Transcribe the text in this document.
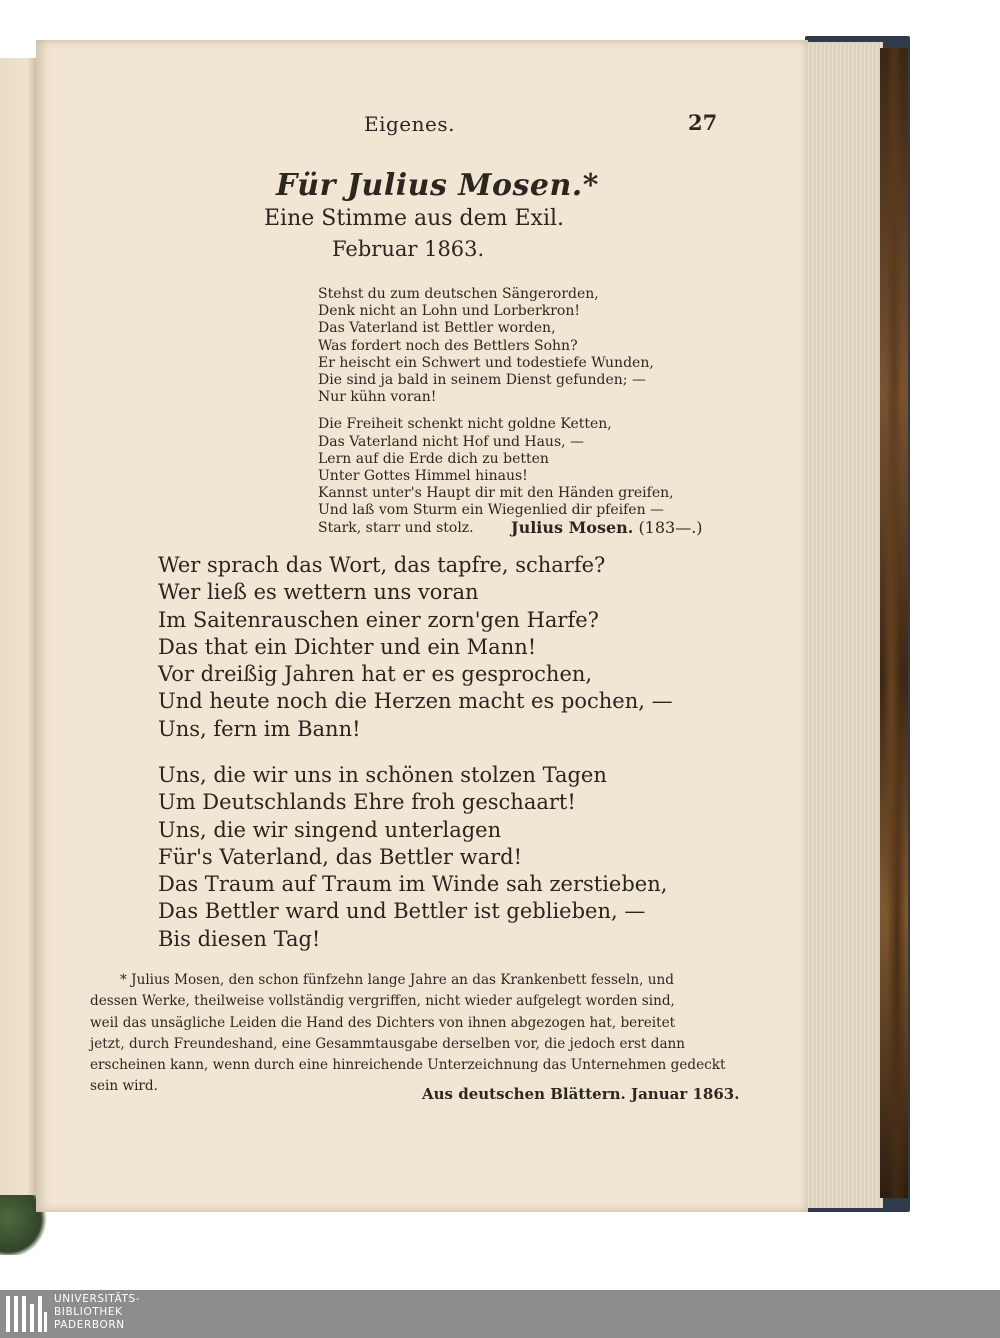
Eigenes.	27
Für Julius Mosen.*
Eine Stimme aus dem Exil.
Februar 1863.
Stehst du zum deutschen Sängerorden,
Denk nicht an Lohn und Lorberkron!
Das Vaterland ist Bettler worden,
Was fordert noch des Bettlers Sohn?
Er heischt ein Schwert und todestiefe Wunden,
Die sind ja bald in seinem Dienst gefunden; —
Nur kühn voran!
Die Freiheit schenkt nicht goldne Ketten,
Das Vaterland nicht Hof und Haus, —
Lern auf die Erde dich zu betten
Unter Gottes Himmel hinaus!
Kannst unter's Haupt dir mit den Händen greifen,
Und laß vom Sturm ein Wiegenlied dir pfeifen —
Stark, starr und stolz.	Julius Mosen. (183—.)
Wer sprach das Wort, das tapfre, scharfe?
Wer ließ es wettern uns voran
Im Saitenrauschen einer zorn'gen Harfe?
Das that ein Dichter und ein Mann!
Vor dreißig Jahren hat er es gesprochen,
Und heute noch die Herzen macht es pochen, —
Uns, fern im Bann!
Uns, die wir uns in schönen stolzen Tagen
Um Deutschlands Ehre froh geschaart!
Uns, die wir singend unterlagen
Für's Vaterland, das Bettler ward!
Das Traum auf Traum im Winde sah zerstieben,
Das Bettler ward und Bettler ist geblieben, —
Bis diesen Tag!
* Julius Mosen, den schon fünfzehn lange Jahre an das Krankenbett fesseln, und
dessen Werke, theilweise vollständig vergriffen, nicht wieder aufgelegt worden sind,
weil das unsägliche Leiden die Hand des Dichters von ihnen abgezogen hat, bereitet
jetzt, durch Freundeshand, eine Gesammtausgabe derselben vor, die jedoch erst dann
erscheinen kann, wenn durch eine hinreichende Unterzeichnung das Unternehmen gedeckt
sein wird.	Aus deutschen Blättern. Januar 1863.
UNIVERSITÄTS-
BIBLIOTHEK
PADERBORN
